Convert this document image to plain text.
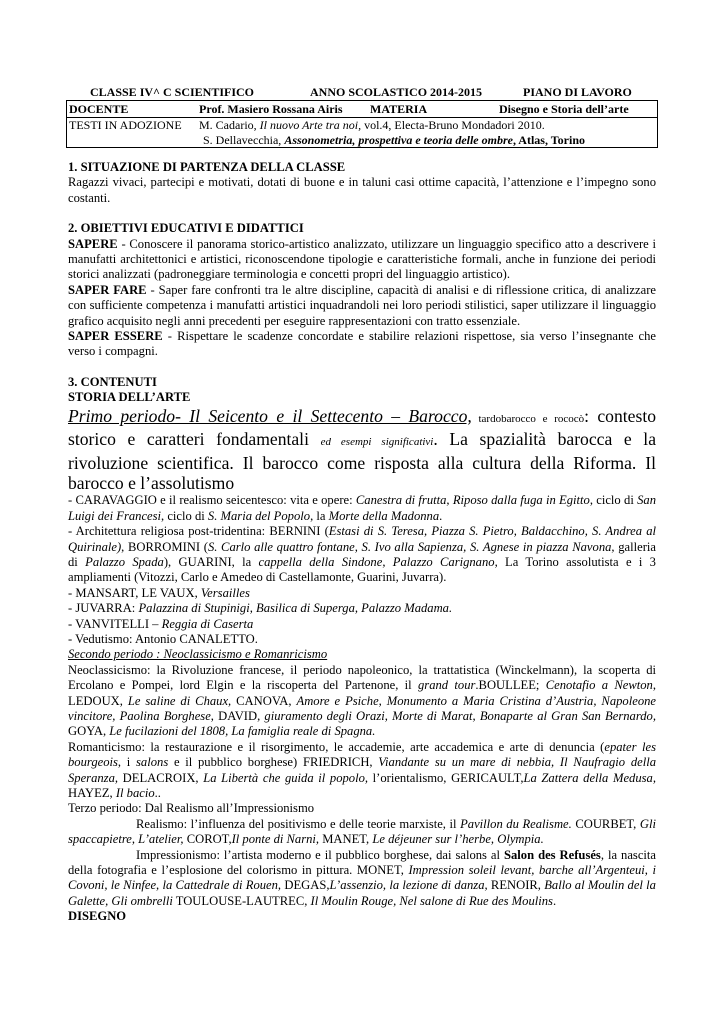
CLASSE IV^ C SCIENTIFICO	ANNO SCOLASTICO 2014-2015	PIANO DI LAVORO
DOCENTE	Prof. Masiero Rossana Airis MATERIA	Disegno e Storia dell’arte
TESTI IN ADOZIONE M. Cadario, Il nuovo Arte tra noi, vol.4, Electa-Bruno Mondadori 2010.
S. Dellavecchia, Assonometria, prospettiva e teoria delle ombre, Atlas, Torino

1. SITUAZIONE DI PARTENZA DELLA CLASSE

Ragazzi vivaci, partecipi e motivati, dotati di buone e in taluni casi ottime capacità, l’attenzione e l’impegno sono costanti.

2. OBIETTIVI EDUCATIVI E DIDATTICI

SAPERE - Conoscere il panorama storico-artistico analizzato, utilizzare un linguaggio specifico atto a descrivere i manufatti architettonici e artistici, riconoscendone tipologie e caratteristiche formali, anche in funzione dei periodi storici analizzati (padroneggiare terminologia e concetti propri del linguaggio artistico).

SAPER FARE - Saper fare confronti tra le altre discipline, capacità di analisi e di riflessione critica, di analizzare con sufficiente competenza i manufatti artistici inquadrandoli nei loro periodi stilistici, saper utilizzare il linguaggio grafico acquisito negli anni precedenti per eseguire rappresentazioni con tratto essenziale.

SAPER ESSERE - Rispettare le scadenze concordate e stabilire relazioni rispettose, sia verso l’insegnante che verso i compagni.

3. CONTENUTI

STORIA DELL’ARTE

Primo periodo- Il Seicento e il Settecento – Barocco, tardobarocco e rococò: contesto storico e caratteri fondamentali ed esempi significativi. La spazialità barocca e la rivoluzione scientifica. Il barocco come risposta alla cultura della Riforma. Il barocco e l’assolutismo

- CARAVAGGIO e il realismo seicentesco: vita e opere: Canestra di frutta, Riposo dalla fuga in Egitto, ciclo di San Luigi dei Francesi, ciclo di S. Maria del Popolo, la Morte della Madonna.

- Architettura religiosa post-tridentina: BERNINI (Estasi di S. Teresa, Piazza S. Pietro, Baldacchino, S. Andrea al Quirinale), BORROMINI (S. Carlo alle quattro fontane, S. Ivo alla Sapienza, S. Agnese in piazza Navona, galleria di Palazzo Spada), GUARINI, la cappella della Sindone, Palazzo Carignano, La Torino assolutista e i 3 ampliamenti (Vitozzi, Carlo e Amedeo di Castellamonte, Guarini, Juvarra).

- MANSART, LE VAUX, Versailles

- JUVARRA: Palazzina di Stupinigi, Basilica di Superga, Palazzo Madama.

- VANVITELLI – Reggia di Caserta

- Vedutismo: Antonio CANALETTO.

Secondo periodo : Neoclassicismo e Romanricismo

Neoclassicismo: la Rivoluzione francese, il periodo napoleonico, la trattatistica (Winckelmann), la scoperta di Ercolano e Pompei, lord Elgin e la riscoperta del Partenone, il grand tour.BOULLEE; Cenotafio a Newton, LEDOUX, Le saline di Chaux, CANOVA, Amore e Psiche, Monumento a Maria Cristina d’Austria, Napoleone vincitore, Paolina Borghese, DAVID, giuramento degli Orazi, Morte di Marat, Bonaparte al Gran San Bernardo, GOYA, Le fucilazioni del 1808, La famiglia reale di Spagna.

Romanticismo: la restaurazione e il risorgimento, le accademie, arte accademica e arte di denuncia (epater les bourgeois, i salons e il pubblico borghese) FRIEDRICH, Viandante su un mare di nebbia, Il Naufragio della Speranza, DELACROIX, La Libertà che guida il popolo, l’orientalismo, GERICAULT,La Zattera della Medusa, HAYEZ, Il bacio..

Terzo periodo: Dal Realismo all’Impressionismo

Realismo: l’influenza del positivismo e delle teorie marxiste, il Pavillon du Realisme. COURBET, Gli spaccapietre, L’atelier, COROT,Il ponte di Narni, MANET, Le déjeuner sur l’herbe, Olympia.

Impressionismo: l’artista moderno e il pubblico borghese, dai salons al Salon des Refusés, la nascita della fotografia e l’esplosione del colorismo in pittura. MONET, Impression soleil levant, barche all’Argenteui, i Covoni, le Ninfee, la Cattedrale di Rouen, DEGAS,L’assenzio, la lezione di danza, RENOIR, Ballo al Moulin del la Galette, Gli ombrelli TOULOUSE-LAUTREC, Il Moulin Rouge, Nel salone di Rue des Moulins.

DISEGNO
